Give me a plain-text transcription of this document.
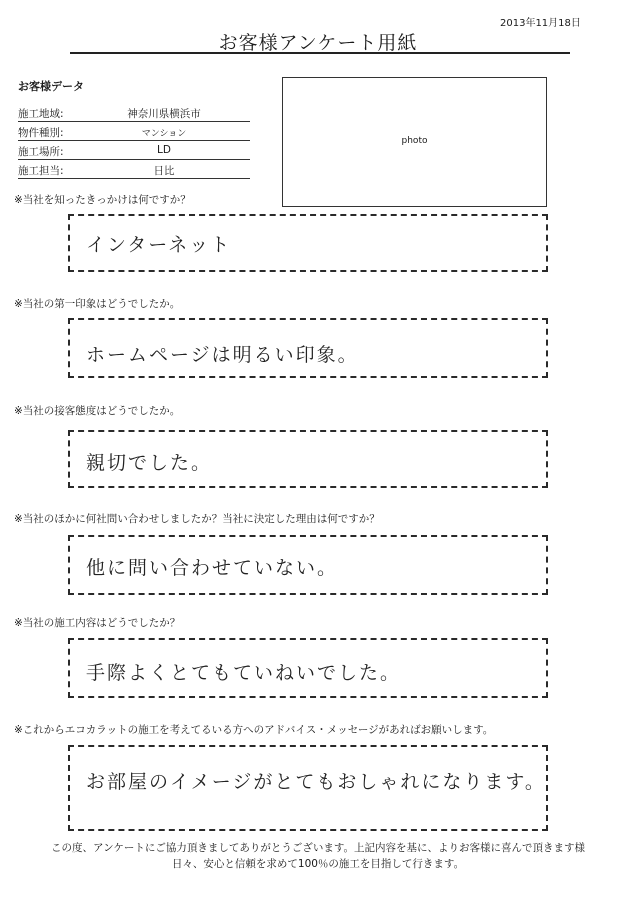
2013年11月18日
お客様アンケート用紙
お客様データ
施工地域:	神奈川県横浜市
物件種別:	マンション
施工場所:	LD
施工担当:	日比
photo
※当社を知ったきっかけは何ですか？
インターネット
※当社の第一印象はどうでしたか。
ホームページは明るい印象。
※当社の接客態度はどうでしたか。
親切でした。
※当社のほかに何社問い合わせしましたか？当社に決定した理由は何ですか？
他に問い合わせていない。
※当社の施工内容はどうでしたか？
手際よくとてもていねいでした。
※これからエコカラットの施工を考えてるいる方へのアドバイス・メッセージがあればお願いします。
お部屋のイメージがとてもおしゃれになります。
この度、アンケートにご協力頂きましてありがとうございます。上記内容を基に、よりお客様に喜んで頂きます様
日々、安心と信頼を求めて100％の施工を目指して行きます。
